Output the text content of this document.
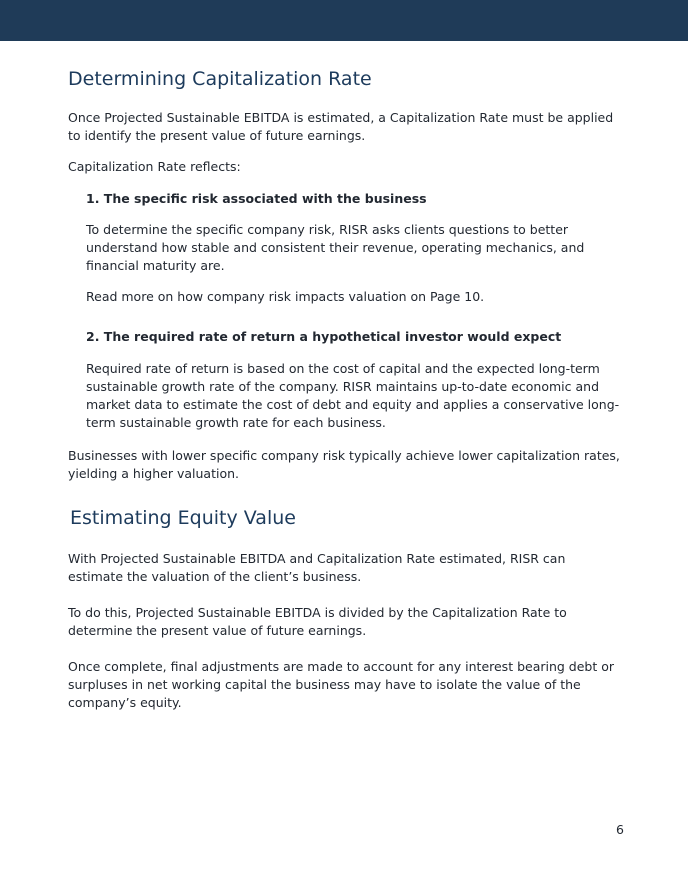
Determining Capitalization Rate

Once Projected Sustainable EBITDA is estimated, a Capitalization Rate must be applied to identify the present value of future earnings.

Capitalization Rate reflects:

1. The specific risk associated with the business

To determine the specific company risk, RISR asks clients questions to better understand how stable and consistent their revenue, operating mechanics, and financial maturity are.

Read more on how company risk impacts valuation on Page 10.

2. The required rate of return a hypothetical investor would expect

Required rate of return is based on the cost of capital and the expected long-term sustainable growth rate of the company. RISR maintains up-to-date economic and market data to estimate the cost of debt and equity and applies a conservative long-term sustainable growth rate for each business.

Businesses with lower specific company risk typically achieve lower capitalization rates, yielding a higher valuation.

Estimating Equity Value

With Projected Sustainable EBITDA and Capitalization Rate estimated, RISR can estimate the valuation of the client’s business.

To do this, Projected Sustainable EBITDA is divided by the Capitalization Rate to determine the present value of future earnings.

Once complete, final adjustments are made to account for any interest bearing debt or surpluses in net working capital the business may have to isolate the value of the company’s equity.

6
